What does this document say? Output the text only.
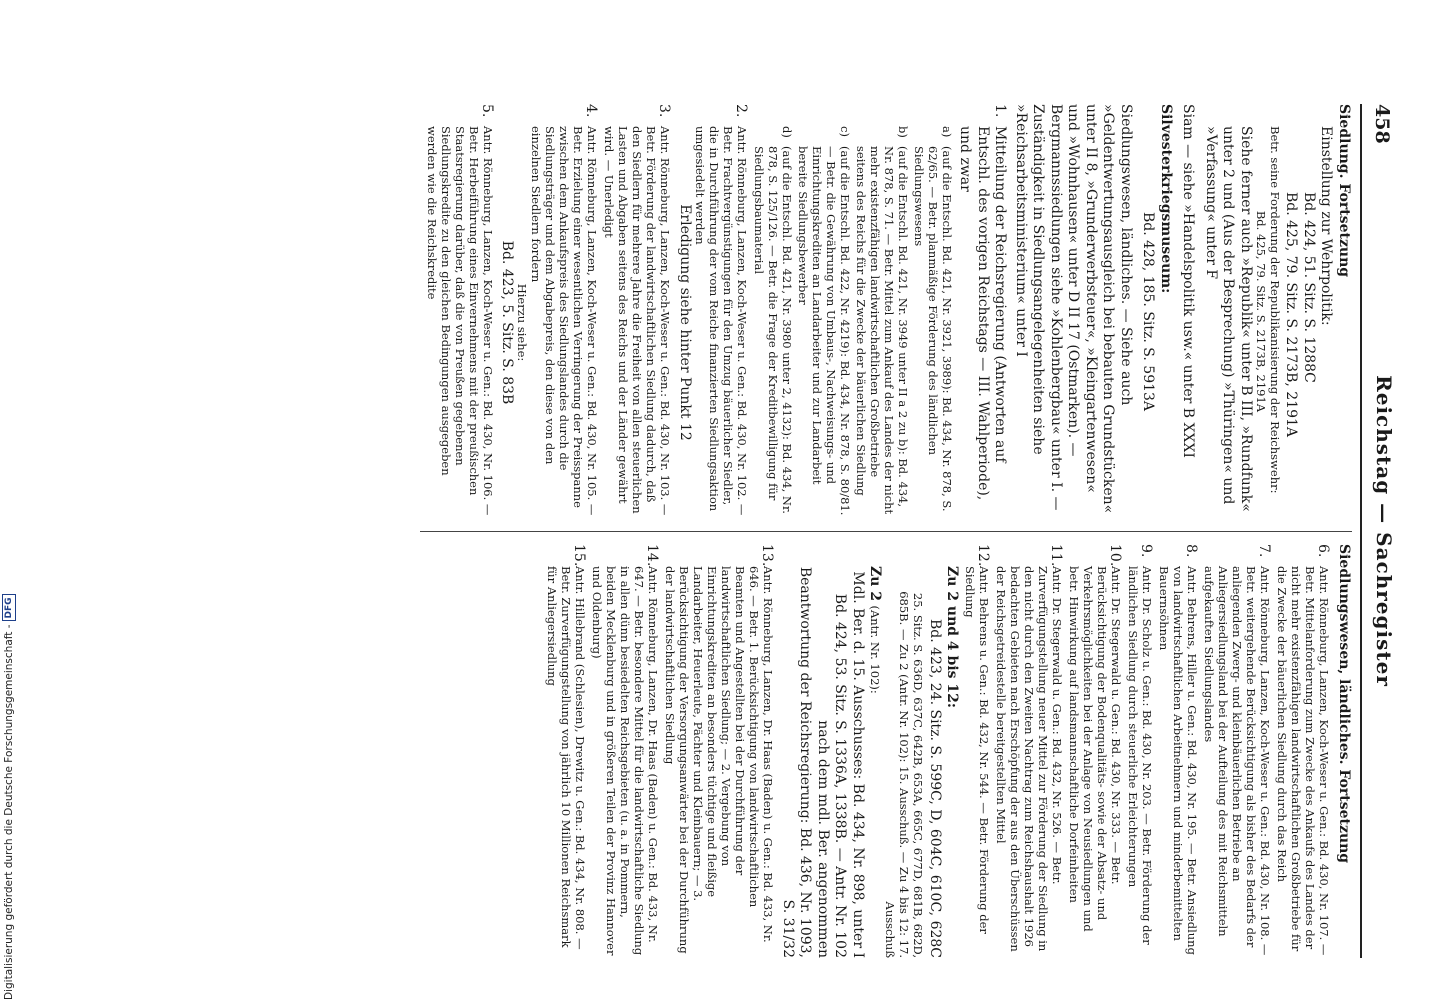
458
Reichstag — Sachregister
Siedlung. Fortsetzung
Einstellung zur Wehrpolitik:
Bd. 424, 51. Sitz. S. 1288C
Bd. 425, 79. Sitz. S. 2173B, 2191A
Betr. seine Forderung der Republikanisierung der Reichswehr:
Bd. 425, 79. Sitz. S. 2173B, 2191A
Siehe ferner auch »Republik« unter B III, »Rundfunk« unter 2 und (Aus der Besprechung) »Thüringen« und »Verfassung« unter F
Siam — siehe »Handelspolitik usw.« unter B XXXI
Silvesterkriegsmuseum:
Bd. 428, 185. Sitz. S. 5913A
Siedlungswesen, ländliches. — Siehe auch »Geldentwertungsausgleich bei bebauten Grundstücken« unter II 8, »Grunderwerbsteuer«, »Kleingartenwesen« und »Wohnhausen« unter D II 17 (Ostmarken). — Bergmannssiedlungen siehe »Kohlenbergbau« unter I. — Zuständigkeit in Siedlungsangelegenheiten siehe »Reichsarbeitsministerium« unter I
1.
Mitteilung der Reichsregierung (Antworten auf Entschl. des vorigen Reichstags — III. Wahlperiode), und zwar
a)
(auf die Entschl. Bd. 421, Nr. 3921, 3989): Bd. 434, Nr. 878, S. 62/65. — Betr. planmäßige Förderung des ländlichen Siedlungswesens
b)
(auf die Entschl. Bd. 421, Nr. 3949 unter II a 2 zu b): Bd. 434, Nr. 878, S. 71. — Betr. Mittel zum Ankauf des Landes der nicht mehr existenzfähigen landwirtschaftlichen Großbetriebe seitens des Reichs für die Zwecke der bäuerlichen Siedlung
c)
(auf die Entschl. Bd. 422, Nr. 4219): Bd. 434, Nr. 878, S. 80/81. — Betr. die Gewährung von Umbaus-, Nachweisungs- und Einrichtungskrediten an Landarbeiter und zur Landarbeit bereite Siedlungsbewerber
d)
(auf die Entschl. Bd. 421, Nr. 3980 unter 2, 4132): Bd. 434, Nr. 878, S. 125/126. — Betr. die Frage der Kreditbewilligung für Siedlungsbaumaterial
2.
Antr. Rönneburg, Lanzen, Koch-Weser u. Gen.: Bd. 430, Nr. 102. — Betr. Frachtvergünstigungen für den Umzug bäuerlicher Siedler, die in Durchführung der vom Reiche finanzierten Siedlungsaktion umgesiedelt werden
Erledigung siehe hinter Punkt 12
3.
Antr. Rönneburg, Lanzen, Koch-Weser u. Gen.: Bd. 430, Nr. 103. — Betr. Förderung der landwirtschaftlichen Siedlung dadurch, daß den Siedlern für mehrere Jahre die Freiheit von allen steuerlichen Lasten und Abgaben seitens des Reichs und der Länder gewährt wird. — Unerledigt
4.
Antr. Rönneburg, Lanzen, Koch-Weser u. Gen.: Bd. 430, Nr. 105. — Betr. Erzielung einer wesentlichen Verringerung der Preisspanne zwischen dem Ankaufspreis des Siedlungslandes durch die Siedlungsträger und dem Abgabepreis, den diese von den einzelnen Siedlern fordern
Hierzu siehe:
Bd. 423, 5. Sitz. S. 83B
5.
Antr. Rönneburg, Lanzen, Koch-Weser u. Gen.: Bd. 430, Nr. 106. — Betr. Herbeiführung eines Einvernehmens mit der preußischen Staatsregierung darüber, daß die von Preußen gegebenen Siedlungskredite zu den gleichen Bedingungen ausgegeben werden wie die Reichskredite
Siedlungswesen, ländliches. Fortsetzung
6.
Antr. Rönneburg, Lanzen, Koch-Weser u. Gen.: Bd. 430, Nr. 107. — Betr. Mittelanforderung zum Zwecke des Ankaufs des Landes der nicht mehr existenzfähigen landwirtschaftlichen Großbetriebe für die Zwecke der bäuerlichen Siedlung durch das Reich
7.
Antr. Rönneburg, Lanzen, Koch-Weser u. Gen.: Bd. 430, Nr. 108. — Betr. weitergehende Berücksichtigung als bisher des Bedarfs der anliegenden Zwerg- und kleinbäuerlichen Betriebe an Anliegersiedlungsland bei der Aufteilung des mit Reichsmitteln aufgekauften Siedlungslandes
8.
Antr. Behrens, Hiller u. Gen.: Bd. 430, Nr. 195. — Betr. Ansiedlung von landwirtschaftlichen Arbeitnehmern und minderbemittelten Bauernsöhnen
9.
Antr. Dr. Scholz u. Gen.: Bd. 430, Nr. 203. — Betr. Förderung der ländlichen Siedlung durch steuerliche Erleichterungen
10.
Antr. Dr. Stegerwald u. Gen.: Bd. 430, Nr. 333. — Betr. Berücksichtigung der Bodenqualitäts- sowie der Absatz- und Verkehrsmöglichkeiten bei der Anlage von Neusiedlungen und betr. Hinwirkung auf landsmannschaftliche Dorfeinheiten
11.
Antr. Dr. Stegerwald u. Gen.: Bd. 432, Nr. 526. — Betr. Zurverfügungstellung neuer Mittel zur Förderung der Siedlung in den nicht durch den Zweiten Nachtrag zum Reichshaushalt 1926 bedachten Gebieten nach Erschöpfung der aus den Überschüssen der Reichsgetreidestelle bereitgestellten Mittel
12.
Antr. Behrens u. Gen.: Bd. 432, Nr. 544. — Betr. Förderung der Siedlung
Zu 2 und 4 bis 12:
Bd. 423, 24. Sitz. S. 599C, D, 604C, 610C, 628C
25. Sitz. S. 636D, 637C, 642B, 653A, 665C, 677D, 681B, 682D, 685B. — Zu 2 (Antr. Nr. 102): 15. Ausschuß. — Zu 4 bis 12: 17. Ausschuß
Zu 2 (Antr. Nr. 102):
Mdl. Ber. d. 15. Ausschusses: Bd. 434, Nr. 898, unter I
Bd. 424, 53. Sitz. S. 1336A, 1338B. — Antr. Nr. 102 nach dem mdl. Ber. angenommen
Beantwortung der Reichsregierung: Bd. 436, Nr. 1093, S. 31/32
13.
Antr. Rönneburg, Lanzen, Dr. Haas (Baden) u. Gen.: Bd. 433, Nr. 646. — Betr. 1. Berücksichtigung von landwirtschaftlichen Beamten und Angestellten bei der Durchführung der landwirtschaftlichen Siedlung; — 2. Vergebung von Einrichtungskrediten an besonders tüchtige und fleißige Landarbeiter, Heuerleute, Pächter und Kleinbauern; — 3. Berücksichtigung der Versorgungsanwärter bei der Durchführung der landwirtschaftlichen Siedlung
14.
Antr. Rönneburg, Lanzen, Dr. Haas (Baden) u. Gen.: Bd. 433, Nr. 647. — Betr. besondere Mittel für die landwirtschaftliche Siedlung in allen dünn besiedelten Reichsgebieten (u. a. in Pommern, beiden Mecklenburg und in größeren Teilen der Provinz Hannover und Oldenburg)
15.
Antr. Hillebrand (Schlesien), Drewitz u. Gen.: Bd. 434, Nr. 808. — Betr. Zurverfügungstellung von jährlich 10 Millionen Reichsmark für Anliegersiedlung
Digitalisierung gefördert durch die Deutsche Forschungsgemeinschaft -
DFG
